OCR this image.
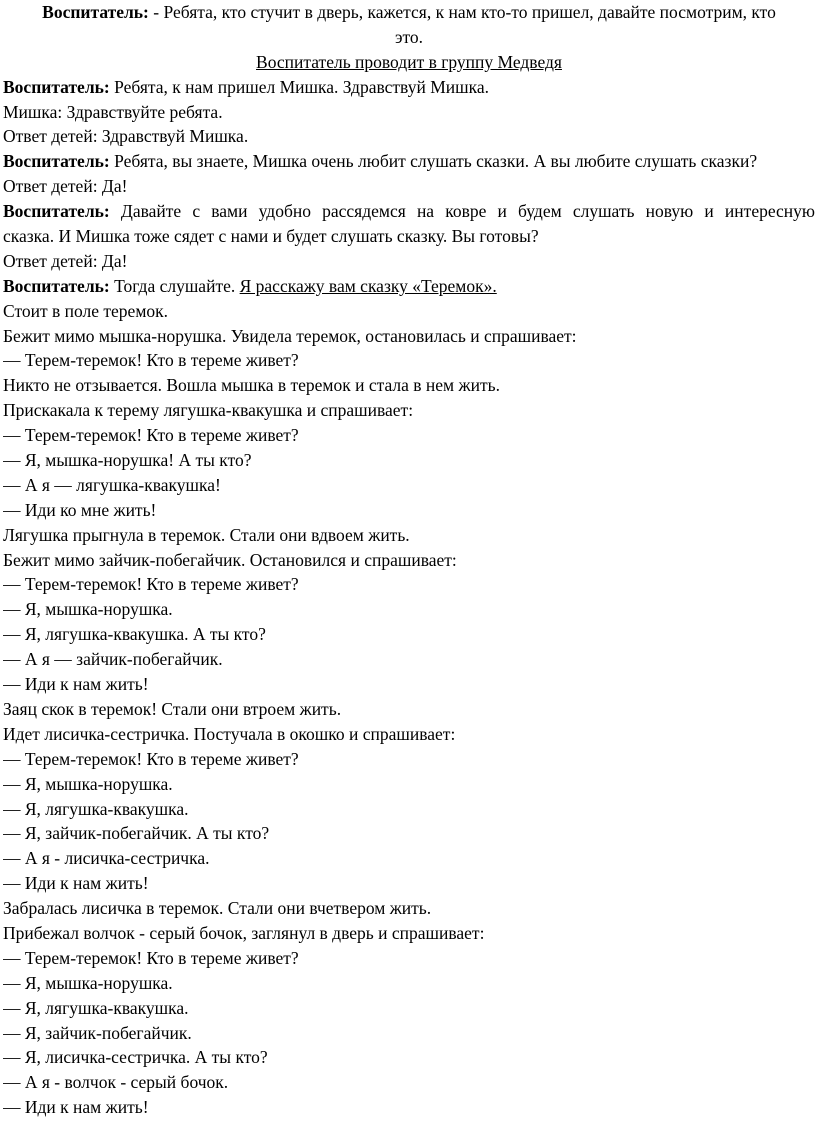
Воспитатель: - Ребята, кто стучит в дверь, кажется, к нам кто-то пришел, давайте посмотрим, кто
это.
Воспитатель проводит в группу Медведя
Воспитатель: Ребята, к нам пришел Мишка. Здравствуй Мишка.
Мишка: Здравствуйте ребята.
Ответ детей: Здравствуй Мишка.
Воспитатель: Ребята, вы знаете, Мишка очень любит слушать сказки. А вы любите слушать сказки?
Ответ детей: Да!
Воспитатель: Давайте с вами удобно рассядемся на ковре и будем слушать новую и интересную
сказка. И Мишка тоже сядет с нами и будет слушать сказку. Вы готовы?
Ответ детей: Да!
Воспитатель: Тогда слушайте. Я расскажу вам сказку «Теремок».
Стоит в поле теремок.
Бежит мимо мышка-норушка. Увидела теремок, остановилась и спрашивает:
— Терем-теремок! Кто в тереме живет?
Никто не отзывается. Вошла мышка в теремок и стала в нем жить.
Прискакала к терему лягушка-квакушка и спрашивает:
— Терем-теремок! Кто в тереме живет?
— Я, мышка-норушка! А ты кто?
— А я — лягушка-квакушка!
— Иди ко мне жить!
Лягушка прыгнула в теремок. Стали они вдвоем жить.
Бежит мимо зайчик-побегайчик. Остановился и спрашивает:
— Терем-теремок! Кто в тереме живет?
— Я, мышка-норушка.
— Я, лягушка-квакушка. А ты кто?
— А я — зайчик-побегайчик.
— Иди к нам жить!
Заяц скок в теремок! Стали они втроем жить.
Идет лисичка-сестричка. Постучала в окошко и спрашивает:
— Терем-теремок! Кто в тереме живет?
— Я, мышка-норушка.
— Я, лягушка-квакушка.
— Я, зайчик-побегайчик. А ты кто?
— А я - лисичка-сестричка.
— Иди к нам жить!
Забралась лисичка в теремок. Стали они вчетвером жить.
Прибежал волчок - серый бочок, заглянул в дверь и спрашивает:
— Терем-теремок! Кто в тереме живет?
— Я, мышка-норушка.
— Я, лягушка-квакушка.
— Я, зайчик-побегайчик.
— Я, лисичка-сестричка. А ты кто?
— А я - волчок - серый бочок.
— Иди к нам жить!
